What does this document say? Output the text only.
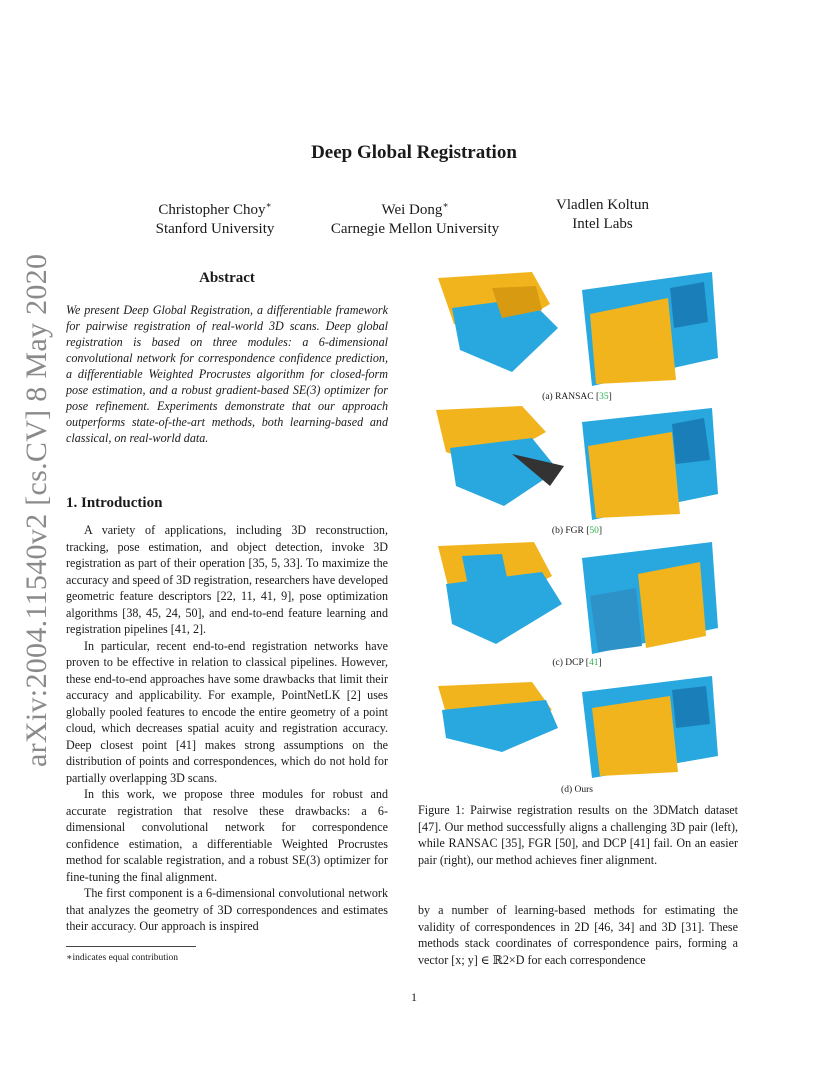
Deep Global Registration
Christopher Choy∗
Stanford University
Wei Dong∗
Carnegie Mellon University
Vladlen Koltun
Intel Labs
arXiv:2004.11540v2 [cs.CV] 8 May 2020	Abstract
We present Deep Global Registration, a differentiable framework for pairwise registration of real-world 3D scans. Deep global registration is based on three modules: a 6-dimensional convolutional network for correspondence confidence prediction, a differentiable Weighted Procrustes algorithm for closed-form pose estimation, and a robust gradient-based SE(3) optimizer for pose refinement. Experiments demonstrate that our approach outperforms state-of-the-art methods, both learning-based and classical, on real-world data.
1. Introduction

A variety of applications, including 3D reconstruction, tracking, pose estimation, and object detection, invoke 3D registration as part of their operation [35, 5, 33]. To maximize the accuracy and speed of 3D registration, researchers have developed geometric feature descriptors [22, 11, 41, 9], pose optimization algorithms [38, 45, 24, 50], and end-to-end feature learning and registration pipelines [41, 2].

In particular, recent end-to-end registration networks have proven to be effective in relation to classical pipelines. However, these end-to-end approaches have some drawbacks that limit their accuracy and applicability. For example, PointNetLK [2] uses globally pooled features to encode the entire geometry of a point cloud, which decreases spatial acuity and registration accuracy. Deep closest point [41] makes strong assumptions on the distribution of points and correspondences, which do not hold for partially overlapping 3D scans.

In this work, we propose three modules for robust and accurate registration that resolve these drawbacks: a 6-dimensional convolutional network for correspondence confidence estimation, a differentiable Weighted Procrustes method for scalable registration, and a robust SE(3) optimizer for fine-tuning the final alignment.

The first component is a 6-dimensional convolutional network that analyzes the geometry of 3D correspondences and estimates their accuracy. Our approach is inspired

∗indicates equal contribution
1
(a) RANSAC [35]
(b) FGR [50]
(c) DCP [41]
(d) Ours
Figure 1: Pairwise registration results on the 3DMatch dataset [47]. Our method successfully aligns a challenging 3D pair (left), while RANSAC [35], FGR [50], and DCP [41] fail. On an easier pair (right), our method achieves finer alignment.
by a number of learning-based methods for estimating the validity of correspondences in 2D [46, 34] and 3D [31]. These methods stack coordinates of correspondence pairs, forming a vector [x; y] ∈ ℝ2×D for each correspondence
